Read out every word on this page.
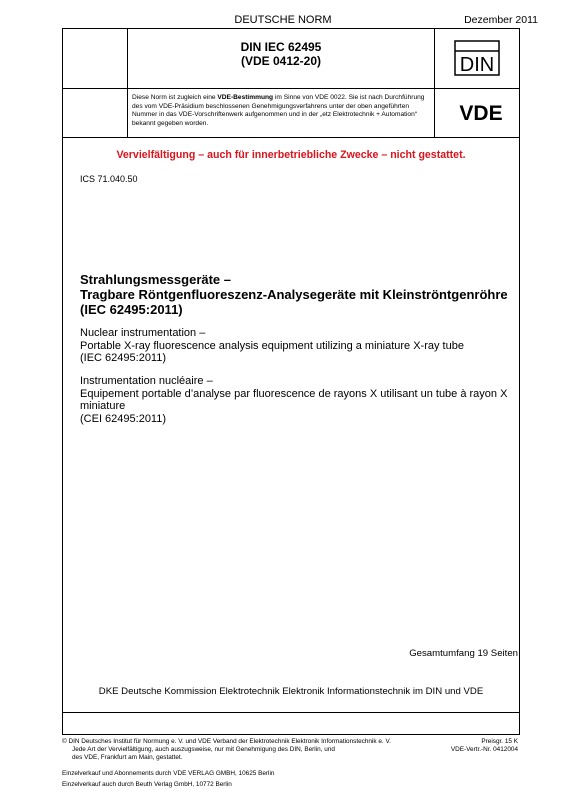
DEUTSCHE NORM	Dezember 2011
DIN IEC 62495
(VDE 0412-20)	DIN
Diese Norm ist zugleich eine VDE-Bestimmung im Sinne von VDE 0022. Sie ist nach Durchführung des vom VDE-Präsidium beschlossenen Genehmigungsverfahrens unter der oben angeführten Nummer in das VDE-Vorschriftenwerk aufgenommen und in der „etz Elektrotechnik + Automation“ bekannt gegeben worden.	VDE
Vervielfältigung – auch für innerbetriebliche Zwecke – nicht gestattet.
ICS 71.040.50
Strahlungsmessgeräte –
Tragbare Röntgenfluoreszenz-Analysegeräte mit Kleinströntgenröhre
(IEC 62495:2011)
Nuclear instrumentation –
Portable X-ray fluorescence analysis equipment utilizing a miniature X-ray tube
(IEC 62495:2011)
Instrumentation nucléaire –
Equipement portable d’analyse par fluorescence de rayons X utilisant un tube à rayon X
miniature
(CEI 62495:2011)
Gesamtumfang 19 Seiten
DKE Deutsche Kommission Elektrotechnik Elektronik Informationstechnik im DIN und VDE
© DIN Deutsches Institut für Normung e. V. und VDE Verband der Elektrotechnik Elektronik Informationstechnik e. V.
Jede Art der Vervielfältigung, auch auszugsweise, nur mit Genehmigung des DIN, Berlin, und
des VDE, Frankfurt am Main, gestattet.
Preisgr. 15 K
VDE-Vertr.-Nr. 0412004
Einzelverkauf und Abonnements durch VDE VERLAG GMBH, 10625 Berlin
Einzelverkauf auch durch Beuth Verlag GmbH, 10772 Berlin
